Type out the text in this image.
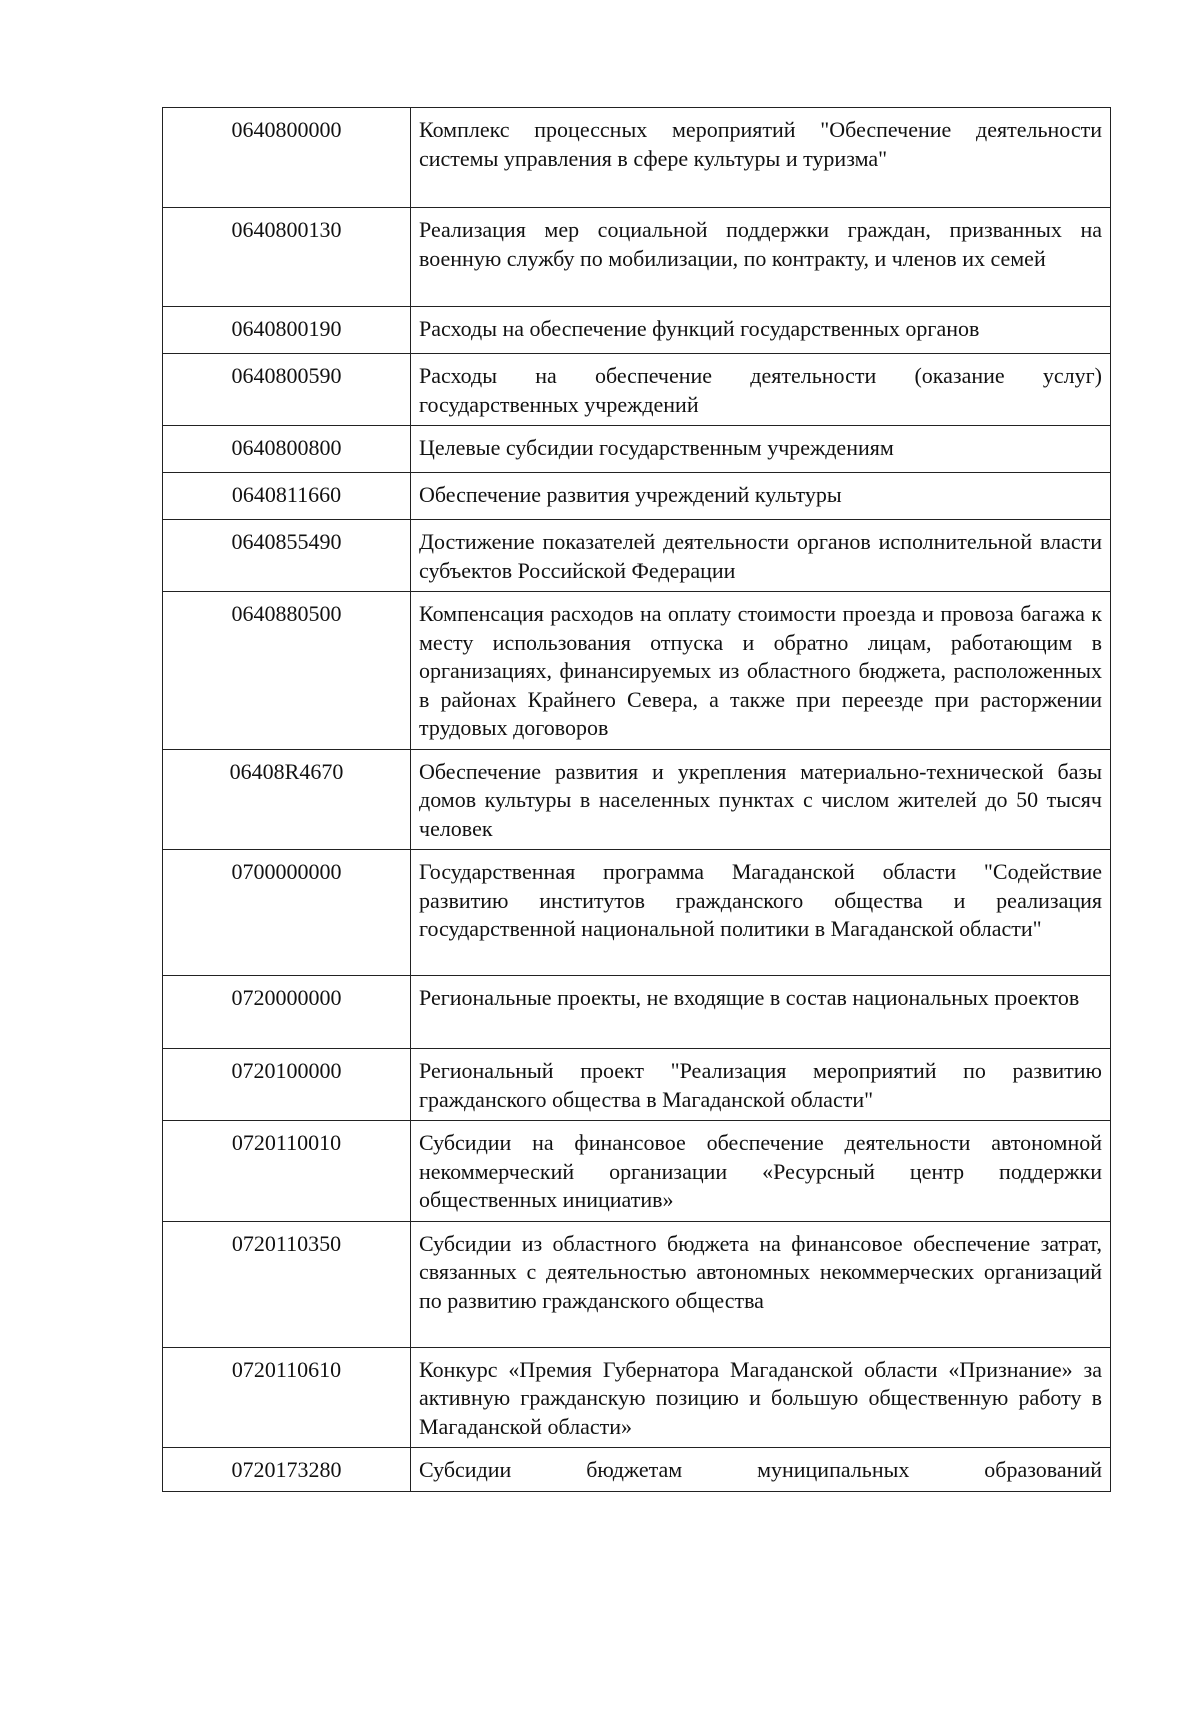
0640800000	Комплекс процессных мероприятий "Обеспечение деятельности системы управления в сфере культуры и туризма"
0640800130	Реализация мер социальной поддержки граждан, призванных на военную службу по мобилизации, по контракту, и членов их семей
0640800190	Расходы на обеспечение функций государственных органов
0640800590	Расходы на обеспечение деятельности (оказание услуг) государственных учреждений
0640800800	Целевые субсидии государственным учреждениям
0640811660	Обеспечение развития учреждений культуры
0640855490	Достижение показателей деятельности органов исполнительной власти субъектов Российской Федерации
0640880500	Компенсация расходов на оплату стоимости проезда и провоза багажа к месту использования отпуска и обратно лицам, работающим в организациях, финансируемых из областного бюджета, расположенных в районах Крайнего Севера, а также при переезде при расторжении трудовых договоров
06408R4670	Обеспечение развития и укрепления материально-технической базы домов культуры в населенных пунктах с числом жителей до 50 тысяч человек
0700000000	Государственная программа Магаданской области "Содействие развитию институтов гражданского общества и реализация государственной национальной политики в Магаданской области"
0720000000	Региональные проекты, не входящие в состав национальных проектов
0720100000	Региональный проект "Реализация мероприятий по развитию гражданского общества в Магаданской области"
0720110010	Субсидии на финансовое обеспечение деятельности автономной некоммерческий организации «Ресурсный центр поддержки общественных инициатив»
0720110350	Субсидии из областного бюджета на финансовое обеспечение затрат, связанных с деятельностью автономных некоммерческих организаций по развитию гражданского общества
0720110610	Конкурс «Премия Губернатора Магаданской области «Признание» за активную гражданскую позицию и большую общественную работу в Магаданской области»
0720173280	Субсидии бюджетам муниципальных образований
